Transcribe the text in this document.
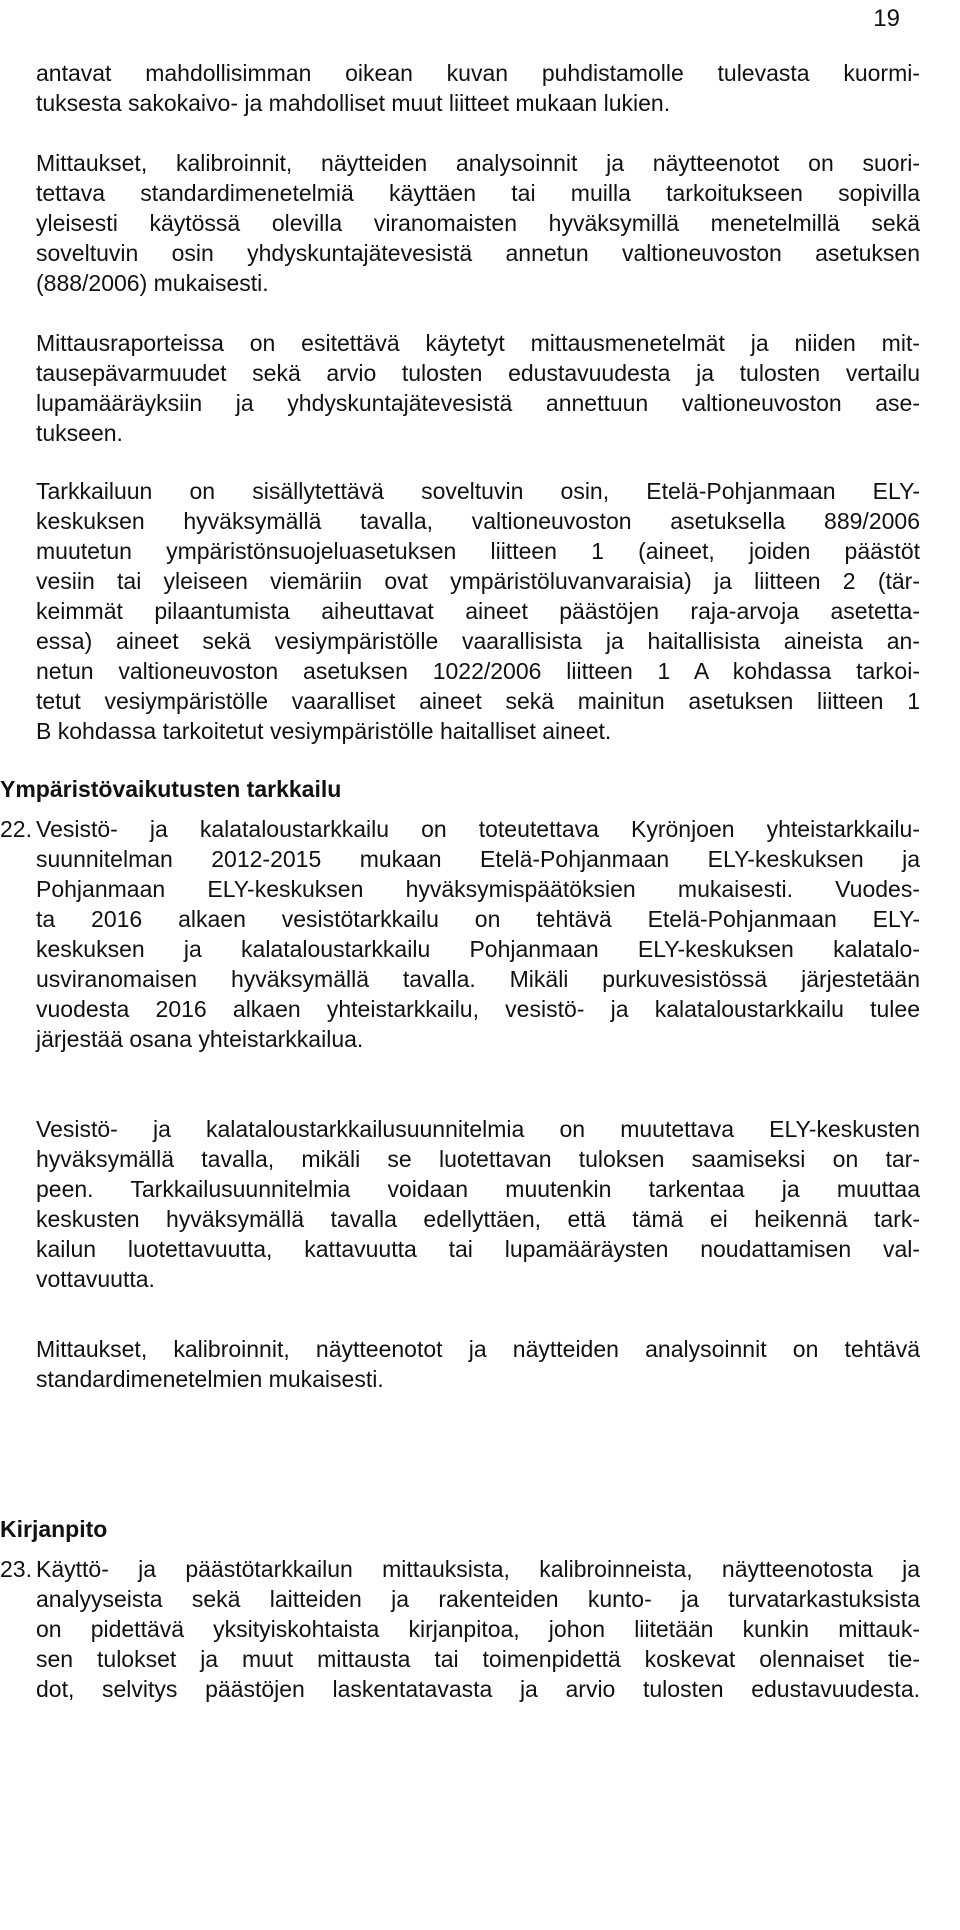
19
antavat mahdollisimman oikean kuvan puhdistamolle tulevasta kuormi-
tuksesta sakokaivo- ja mahdolliset muut liitteet mukaan lukien.
Mittaukset, kalibroinnit, näytteiden analysoinnit ja näytteenotot on suori-
tettava standardimenetelmiä käyttäen tai muilla tarkoitukseen sopivilla
yleisesti käytössä olevilla viranomaisten hyväksymillä menetelmillä sekä
soveltuvin osin yhdyskuntajätevesistä annetun valtioneuvoston asetuksen
(888/2006) mukaisesti.
Mittausraporteissa on esitettävä käytetyt mittausmenetelmät ja niiden mit-
tausepävarmuudet sekä arvio tulosten edustavuudesta ja tulosten vertailu
lupamääräyksiin ja yhdyskuntajätevesistä annettuun valtioneuvoston ase-
tukseen.
Tarkkailuun on sisällytettävä soveltuvin osin, Etelä-Pohjanmaan ELY-
keskuksen hyväksymällä tavalla, valtioneuvoston asetuksella 889/2006
muutetun ympäristönsuojeluasetuksen liitteen 1 (aineet, joiden päästöt
vesiin tai yleiseen viemäriin ovat ympäristöluvanvaraisia) ja liitteen 2 (tär-
keimmät pilaantumista aiheuttavat aineet päästöjen raja-arvoja asetetta-
essa) aineet sekä vesiympäristölle vaarallisista ja haitallisista aineista an-
netun valtioneuvoston asetuksen 1022/2006 liitteen 1 A kohdassa tarkoi-
tetut vesiympäristölle vaaralliset aineet sekä mainitun asetuksen liitteen 1
B kohdassa tarkoitetut vesiympäristölle haitalliset aineet.
22. Vesistö- ja kalataloustarkkailu on toteutettava Kyrönjoen yhteistarkkailu-
suunnitelman 2012-2015 mukaan Etelä-Pohjanmaan ELY-keskuksen ja
Pohjanmaan ELY-keskuksen hyväksymispäätöksien mukaisesti. Vuodes-
ta 2016 alkaen vesistötarkkailu on tehtävä Etelä-Pohjanmaan ELY-
keskuksen ja kalataloustarkkailu Pohjanmaan ELY-keskuksen kalatalo-
usviranomaisen hyväksymällä tavalla. Mikäli purkuvesistössä järjestetään
vuodesta 2016 alkaen yhteistarkkailu, vesistö- ja kalataloustarkkailu tulee
järjestää osana yhteistarkkailua.
Vesistö- ja kalataloustarkkailusuunnitelmia on muutettava ELY-keskusten
hyväksymällä tavalla, mikäli se luotettavan tuloksen saamiseksi on tar-
peen. Tarkkailusuunnitelmia voidaan muutenkin tarkentaa ja muuttaa
keskusten hyväksymällä tavalla edellyttäen, että tämä ei heikennä tark-
kailun luotettavuutta, kattavuutta tai lupamääräysten noudattamisen val-
vottavuutta.
Mittaukset, kalibroinnit, näytteenotot ja näytteiden analysoinnit on tehtävä
standardimenetelmien mukaisesti.
23. Käyttö- ja päästötarkkailun mittauksista, kalibroinneista, näytteenotosta ja
analyyseista sekä laitteiden ja rakenteiden kunto- ja turvatarkastuksista
on pidettävä yksityiskohtaista kirjanpitoa, johon liitetään kunkin mittauk-
sen tulokset ja muut mittausta tai toimenpidettä koskevat olennaiset tie-
dot, selvitys päästöjen laskentatavasta ja arvio tulosten edustavuudesta.
Ympäristövaikutusten tarkkailu
Kirjanpito
